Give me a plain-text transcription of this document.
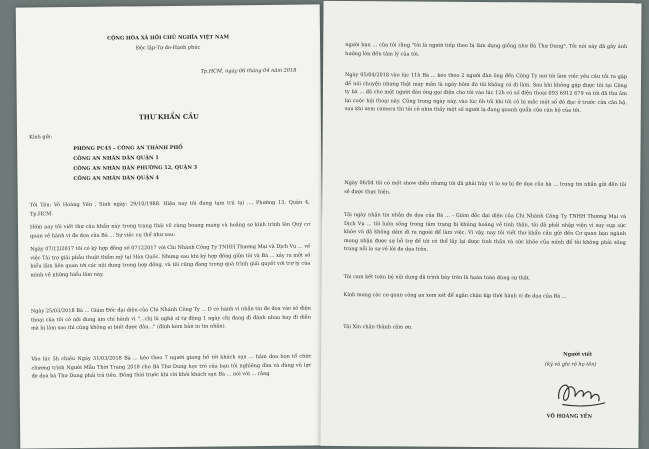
CỘNG HÒA XÃ HỘI CHỦ NGHĨA VIỆT NAM
Độc lập-Tự do-Hạnh phúc
Tp.HCM, ngày 06 tháng 04 năm 2018
THƯ KHẨN CẦU
Kính gửi:
PHÒNG PC45 – CÔNG AN THÀNH PHỐ
CÔNG AN NHÂN DÂN QUẬN 1
CÔNG AN NHÂN DÂN PHƯỜNG 12, QUẬN 3
CÔNG AN NHÂN DÂN QUẬN 4
Tôi Tên: Võ Hoàng Yến , Sinh ngày: 29/10/1988. Hiện nay tôi đang tạm trú tại ..., Phường 13, Quận 4, Tp.HCM.
Hôm nay tôi viết thư cầu khẩn này trong trạng thái vô cùng hoang mang và hoảng sợ kính trình lên Quý cơ quan về hành vi đe dọa của Bà ... Sự việc cụ thể như sau:
Ngày 07/12/2017 tôi có ký hợp đồng số 07122017 với Chi Nhánh Công Ty TNHH Thương Mại và Dịch Vụ ... về việc Tài trợ giải phẫu thuật thẩm mỹ tại Hàn Quốc. Nhưng sau khi ký hợp đồng giữa tôi và Bà ... xảy ra một số hiểu lầm liên quan tới các nội dung trong hợp đồng, và tôi cũng đang trong quá trình giải quyết với trợ lý của mình về những hiểu lầm này.
Ngày 25/03/2018 Bà ... Giám Đốc đại diện của Chi Nhánh Công Ty ... D có hành vi nhắn tin đe dọa vào số điện thoại của tôi có nội dung ám chỉ hành vi "...chị là nghệ sĩ tự động 1 ngày chị đang đi đánh nhau hay đi diễn mà bị làm sao thì cũng không ai biết được đâu..." (đính kèm bản in tin nhắn).
Vào lúc 5h chiều Ngày 31/03/2018 Bà ... kéo theo 7 người giang hồ tới khách sạn ... hăm dọa bọn tổ chức chương trình Người Mẫu Thời Trang 2018 cho Bà Thư Dung học trò của bạn tôi nghiêng dìm và dùng vũ lực đe dọa bà Thư Dung phải trả tiền. Đồng thời trước khi rời khỏi khách sạn Bà ... nói với ... rằng
người bạn ... của tôi rằng "tôi là người tiếp theo bị làm dụng giống như Bà Thư Dung". Tôi nói này đã gây ảnh hưởng lớn đến tâm lý của tôi.
Ngày 05/04/2018 vào lúc 11h Bà ... kéo theo 2 người đàn ông đến Công Ty nơi tôi làm việc yêu cầu tôi ra gặp để nói chuyện nhưng thật may mắn là ngày hôm đó tôi không có đi làm. Sau khi không gặp được tôi tại Công ty bà ... đã cho một người đàn ông gọi điện cho tôi vào lúc 12h có số điện thoại 093 6912 679 và tôi đã thu âm lại cuộc hội thoại này. Cũng trong ngày này, vào lúc 6h tối khi tôi cô bị mắc một số đồ đạc ở trước cửa căn hộ, sau khi xem camera thì tôi cô nhìn thấy một số người lạ đang quanh quẩn cửa căn hộ của tôi.
Ngày 06/04 tôi có một show diễn nhưng tôi đã phải hủy vì lo sợ bị đe dọa của bà ... trong tin nhắn gửi đến tôi sẽ được thực hiện.
Tôi ngày nhận tin nhắn đe dọa của Bà ... - Giám đốc đại diện của Chi Nhánh Công Ty TNHH Thương Mại và Dịch Vụ ... tôi luôn sống trong tâm trạng bị khủng hoảng về tinh thần, tôi đã phải nhập viện vì suy sụp sức khỏe và đã không dám đi ra ngoài để làm việc. Vì vậy, nay tôi viết thư khẩn cầu gửi đến Cơ quan ban ngành mong nhận được sự hỗ trợ để tôi có thể lấy lại được tinh thần và sức khỏe của mình để tôi không phải sống trong nỗi lo sợ về lời đe dọa trên.
Tôi cam kết toàn bộ nội dung đã trình bày trên là hoàn toàn đúng sự thật.
Kính mong các cơ quan công an xem xét để ngăn chặn kịp thời hành vi đe dọa của Bà ...
Tôi Xin chân thành cảm ơn.
Người viết
(ký và ghi rõ họ tên)
VÕ HOÀNG YẾN
